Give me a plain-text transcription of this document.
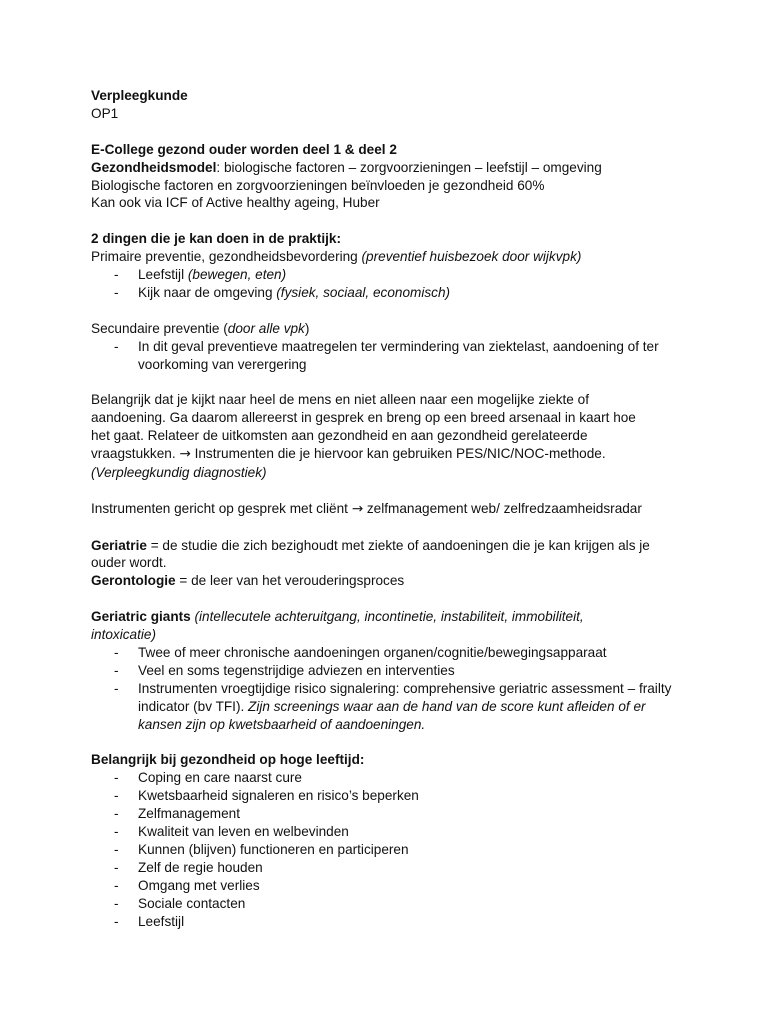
Verpleegkunde
OP1
E-College gezond ouder worden deel 1 & deel 2
Gezondheidsmodel: biologische factoren – zorgvoorzieningen – leefstijl – omgeving
Biologische factoren en zorgvoorzieningen beïnvloeden je gezondheid 60%
Kan ook via ICF of Active healthy ageing, Huber
2 dingen die je kan doen in de praktijk:
Primaire preventie, gezondheidsbevordering (preventief huisbezoek door wijkvpk)
- Leefstijl (bewegen, eten)
- Kijk naar de omgeving (fysiek, sociaal, economisch)
Secundaire preventie (door alle vpk)
- In dit geval preventieve maatregelen ter vermindering van ziektelast, aandoening of ter voorkoming van verergering
Belangrijk dat je kijkt naar heel de mens en niet alleen naar een mogelijke ziekte of aandoening. Ga daarom allereerst in gesprek en breng op een breed arsenaal in kaart hoe het gaat. Relateer de uitkomsten aan gezondheid en aan gezondheid gerelateerde vraagstukken. → Instrumenten die je hiervoor kan gebruiken PES/NIC/NOC-methode.
(Verpleegkundig diagnostiek)
Instrumenten gericht op gesprek met cliënt → zelfmanagement web/ zelfredzaamheidsradar
Geriatrie = de studie die zich bezighoudt met ziekte of aandoeningen die je kan krijgen als je ouder wordt.
Gerontologie = de leer van het verouderingsproces
Geriatric giants (intellecutele achteruitgang, incontinetie, instabiliteit, immobiliteit, intoxicatie)
- Twee of meer chronische aandoeningen organen/cognitie/bewegingsapparaat
- Veel en soms tegenstrijdige adviezen en interventies
- Instrumenten vroegtijdige risico signalering: comprehensive geriatric assessment – frailty indicator (bv TFI). Zijn screenings waar aan de hand van de score kunt afleiden of er kansen zijn op kwetsbaarheid of aandoeningen.
Belangrijk bij gezondheid op hoge leeftijd:
- Coping en care naarst cure
- Kwetsbaarheid signaleren en risico’s beperken
- Zelfmanagement
- Kwaliteit van leven en welbevinden
- Kunnen (blijven) functioneren en participeren
- Zelf de regie houden
- Omgang met verlies
- Sociale contacten
- Leefstijl
